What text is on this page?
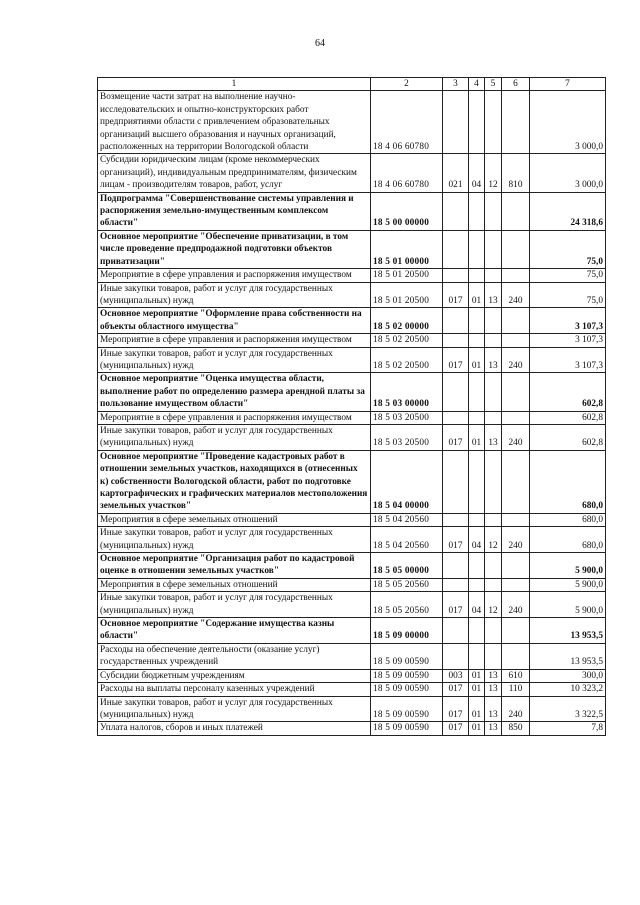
64
1	2	3	4	5	6	7
Возмещение части затрат на выполнение научно-исследовательских и опытно-конструкторских работ предприятиями области с привлечением образовательных организаций высшего образования и научных организаций, расположенных на территории Вологодской области	18 4 06 60780					3 000,0
Субсидии юридическим лицам (кроме некоммерческих организаций), индивидуальным предпринимателям, физическим лицам - производителям товаров, работ, услуг	18 4 06 60780	021	04	12	810	3 000,0
Подпрограмма "Совершенствование системы управления и распоряжения земельно-имущественным комплексом области"	18 5 00 00000					24 318,6
Основное мероприятие "Обеспечение приватизации, в том числе проведение предпродажной подготовки объектов приватизации"	18 5 01 00000					75,0
Мероприятие в сфере управления и распоряжения имуществом	18 5 01 20500					75,0
Иные закупки товаров, работ и услуг для государственных (муниципальных) нужд	18 5 01 20500	017	01	13	240	75,0
Основное мероприятие "Оформление права собственности на объекты областного имущества"	18 5 02 00000					3 107,3
Мероприятие в сфере управления и распоряжения имуществом	18 5 02 20500					3 107,3
Иные закупки товаров, работ и услуг для государственных (муниципальных) нужд	18 5 02 20500	017	01	13	240	3 107,3
Основное мероприятие "Оценка имущества области, выполнение работ по определению размера арендной платы за пользование имуществом области"	18 5 03 00000					602,8
Мероприятие в сфере управления и распоряжения имуществом	18 5 03 20500					602,8
Иные закупки товаров, работ и услуг для государственных (муниципальных) нужд	18 5 03 20500	017	01	13	240	602,8
Основное мероприятие "Проведение кадастровых работ в отношении земельных участков, находящихся в (отнесенных к) собственности Вологодской области, работ по подготовке картографических и графических материалов местоположения земельных участков"	18 5 04 00000					680,0
Мероприятия в сфере земельных отношений	18 5 04 20560					680,0
Иные закупки товаров, работ и услуг для государственных (муниципальных) нужд	18 5 04 20560	017	04	12	240	680,0
Основное мероприятие "Организация работ по кадастровой оценке в отношении земельных участков"	18 5 05 00000					5 900,0
Мероприятия в сфере земельных отношений	18 5 05 20560					5 900,0
Иные закупки товаров, работ и услуг для государственных (муниципальных) нужд	18 5 05 20560	017	04	12	240	5 900,0
Основное мероприятие "Содержание имущества казны области"	18 5 09 00000					13 953,5
Расходы на обеспечение деятельности (оказание услуг) государственных учреждений	18 5 09 00590					13 953,5
Субсидии бюджетным учреждениям	18 5 09 00590	003	01	13	610	300,0
Расходы на выплаты персоналу казенных учреждений	18 5 09 00590	017	01	13	110	10 323,2
Иные закупки товаров, работ и услуг для государственных (муниципальных) нужд	18 5 09 00590	017	01	13	240	3 322,5
Уплата налогов, сборов и иных платежей	18 5 09 00590	017	01	13	850	7,8
